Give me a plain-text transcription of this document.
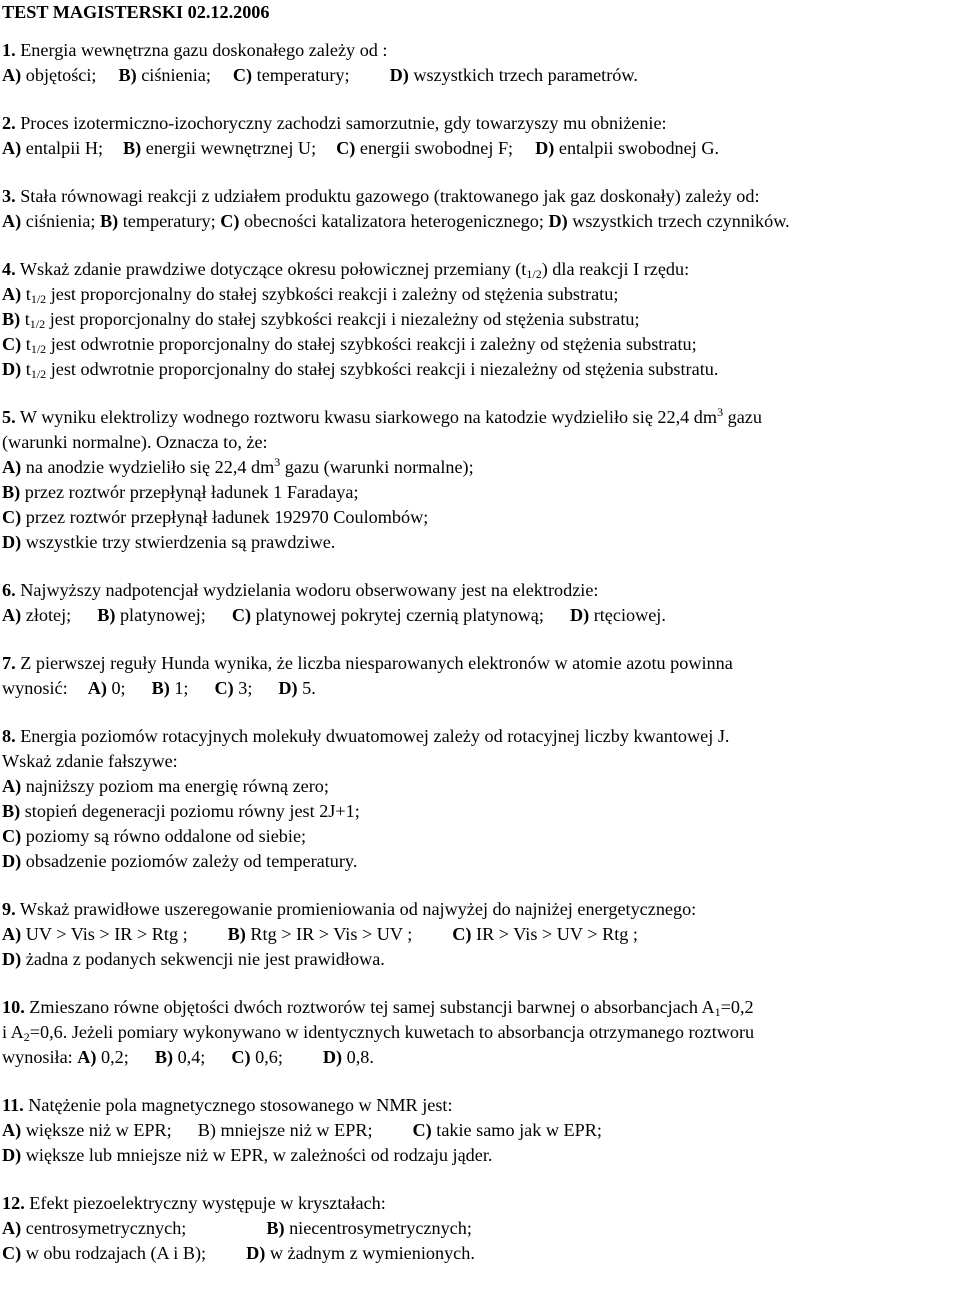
TEST MAGISTERSKI 02.12.2006

1. Energia wewnętrzna gazu doskonałego zależy od :

A) objętości; B) ciśnienia; C) temperatury; D) wszystkich trzech parametrów.

2. Proces izotermiczno-izochoryczny zachodzi samorzutnie, gdy towarzyszy mu obniżenie:

A) entalpii H; B) energii wewnętrznej U; C) energii swobodnej F; D) entalpii swobodnej G.

3. Stała równowagi reakcji z udziałem produktu gazowego (traktowanego jak gaz doskonały) zależy od:

A) ciśnienia; B) temperatury; C) obecności katalizatora heterogenicznego; D) wszystkich trzech czynników.

4. Wskaż zdanie prawdziwe dotyczące okresu połowicznej przemiany $(t_{1/2})$ dla reakcji I rzędu:

A) $t_{1/2}$ jest proporcjonalny do stałej szybkości reakcji i zależny od stężenia substratu;

B) $t_{1/2}$ jest proporcjonalny do stałej szybkości reakcji i niezależny od stężenia substratu;

C) $t_{1/2}$ jest odwrotnie proporcjonalny do stałej szybkości reakcji i zależny od stężenia substratu;

D) $t_{1/2}$ jest odwrotnie proporcjonalny do stałej szybkości reakcji i niezależny od stężenia substratu.

5. W wyniku elektrolizy wodnego roztworu kwasu siarkowego na katodzie wydzieliło się 22,4 $dm^3$ gazu

(warunki normalne). Oznacza to, że:

A) na anodzie wydzieliło się 22,4 $dm^3$ gazu (warunki normalne);

B) przez roztwór przepłynął ładunek 1 Faradaya;

C) przez roztwór przepłynął ładunek 192970 Coulombów;

D) wszystkie trzy stwierdzenia są prawdziwe.

6. Najwyższy nadpotencjał wydzielania wodoru obserwowany jest na elektrodzie:

A) złotej; B) platynowej; C) platynowej pokrytej czernią platynową; D) rtęciowej.

7. Z pierwszej reguły Hunda wynika, że liczba niesparowanych elektronów w atomie azotu powinna

wynosić: A) 0; B) 1; C) 3; D) 5.

8. Energia poziomów rotacyjnych molekuły dwuatomowej zależy od rotacyjnej liczby kwantowej J.

Wskaż zdanie fałszywe:

A) najniższy poziom ma energię równą zero;

B) stopień degeneracji poziomu równy jest 2J+1;

C) poziomy są równo oddalone od siebie;

D) obsadzenie poziomów zależy od temperatury.

9. Wskaż prawidłowe uszeregowanie promieniowania od najwyżej do najniżej energetycznego:

A) UV > Vis > IR > Rtg ; B) Rtg > IR > Vis > UV ; C) IR > Vis > UV > Rtg ;

D) żadna z podanych sekwencji nie jest prawidłowa.

10. Zmieszano równe objętości dwóch roztworów tej samej substancji barwnej o absorbancjach $A_1=0,2$

i $A_2=0,6$. Jeżeli pomiary wykonywano w identycznych kuwetach to absorbancja otrzymanego roztworu

wynosiła: A) 0,2; B) 0,4; C) 0,6; D) 0,8.

11. Natężenie pola magnetycznego stosowanego w NMR jest:

A) większe niż w EPR; B) mniejsze niż w EPR; C) takie samo jak w EPR;

D) większe lub mniejsze niż w EPR, w zależności od rodzaju jąder.

12. Efekt piezoelektryczny występuje w kryształach:

A) centrosymetrycznych;	B) niecentrosymetrycznych;

C) w obu rodzajach (A i B); D) w żadnym z wymienionych.
